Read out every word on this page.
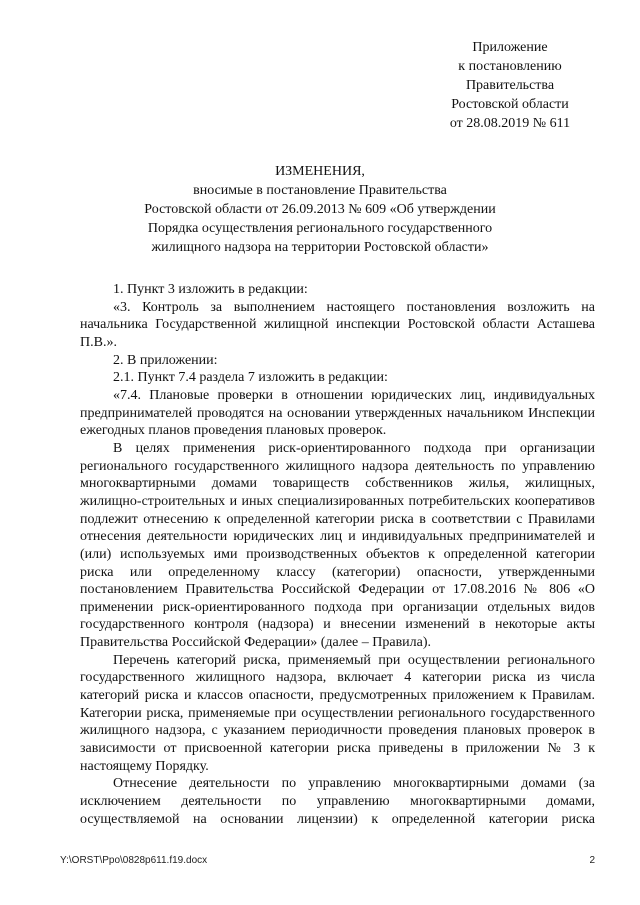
Приложение
к постановлению
Правительства
Ростовской области
от 28.08.2019 № 611
ИЗМЕНЕНИЯ,
вносимые в постановление Правительства
Ростовской области от 26.09.2013 № 609 «Об утверждении
Порядка осуществления регионального государственного
жилищного надзора на территории Ростовской области»

1. Пункт 3 изложить в редакции:

«3. Контроль за выполнением настоящего постановления возложить на начальника Государственной жилищной инспекции Ростовской области Асташева П.В.».

2. В приложении:

2.1. Пункт 7.4 раздела 7 изложить в редакции:

«7.4. Плановые проверки в отношении юридических лиц, индивидуальных предпринимателей проводятся на основании утвержденных начальником Инспекции ежегодных планов проведения плановых проверок.

В целях применения риск-ориентированного подхода при организации регионального государственного жилищного надзора деятельность по управлению многоквартирными домами товариществ собственников жилья, жилищных, жилищно-строительных и иных специализированных потребительских кооперативов подлежит отнесению к определенной категории риска в соответствии с Правилами отнесения деятельности юридических лиц и индивидуальных предпринимателей и (или) используемых ими производственных объектов к определенной категории риска или определенному классу (категории) опасности, утвержденными постановлением Правительства Российской Федерации от 17.08.2016 № 806 «О применении риск-ориентированного подхода при организации отдельных видов государственного контроля (надзора) и внесении изменений в некоторые акты Правительства Российской Федерации» (далее – Правила).

Перечень категорий риска, применяемый при осуществлении регионального государственного жилищного надзора, включает 4 категории риска из числа категорий риска и классов опасности, предусмотренных приложением к Правилам. Категории риска, применяемые при осуществлении регионального государственного жилищного надзора, с указанием периодичности проведения плановых проверок в зависимости от присвоенной категории риска приведены в приложении № 3 к настоящему Порядку.

Отнесение деятельности по управлению многоквартирными домами (за исключением деятельности по управлению многоквартирными домами, осуществляемой на основании лицензии) к определенной категории риска

Y:\ORST\Ppo\0828p611.f19.docx	2
